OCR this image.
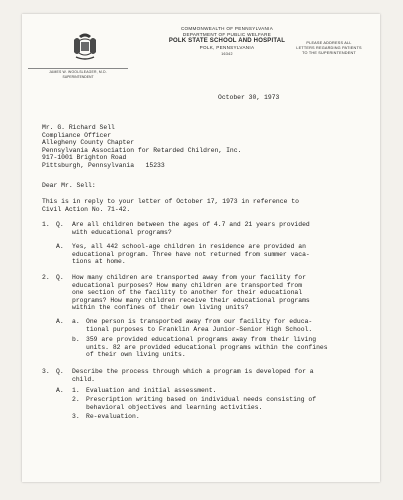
COMMONWEALTH OF PENNSYLVANIA
DEPARTMENT OF PUBLIC WELFARE
POLK STATE SCHOOL AND HOSPITAL
POLK, PENNSYLVANIA
16342
PLEASE ADDRESS ALL
LETTERS REGARDING PATIENTS
TO THE SUPERINTENDENT
JAMES W. WOOLSLEAGER, M.D.
SUPERINTENDENT
October 30, 1973
Mr. G. Richard Sell
Compliance Officer
Allegheny County Chapter
Pennsylvania Association for Retarded Children, Inc.
917-1001 Brighton Road
Pittsburgh, Pennsylvania   15233
Dear Mr. Sell:
This is in reply to your letter of October 17, 1973 in reference to
Civil Action No. 71-42.
1. Q. Are all children between the ages of 4.7 and 21 years provided
with educational programs?
A. Yes, all 442 school-age children in residence are provided an
educational program. Three have not returned from summer vaca-
tions at home.
2. Q. How many children are transported away from your facility for
educational purposes? How many children are transported from
one section of the facility to another for their educational
programs? How many children receive their educational programs
within the confines of their own living units?
A. a. One person is transported away from our facility for educa-
tional purposes to Franklin Area Junior-Senior High School.
b. 359 are provided educational programs away from their living
units. 82 are provided educational programs within the confines
of their own living units.
3. Q. Describe the process through which a program is developed for a
child.
A. 1. Evaluation and initial assessment.
2. Prescription writing based on individual needs consisting of
behavioral objectives and learning activities.
3. Re-evaluation.
